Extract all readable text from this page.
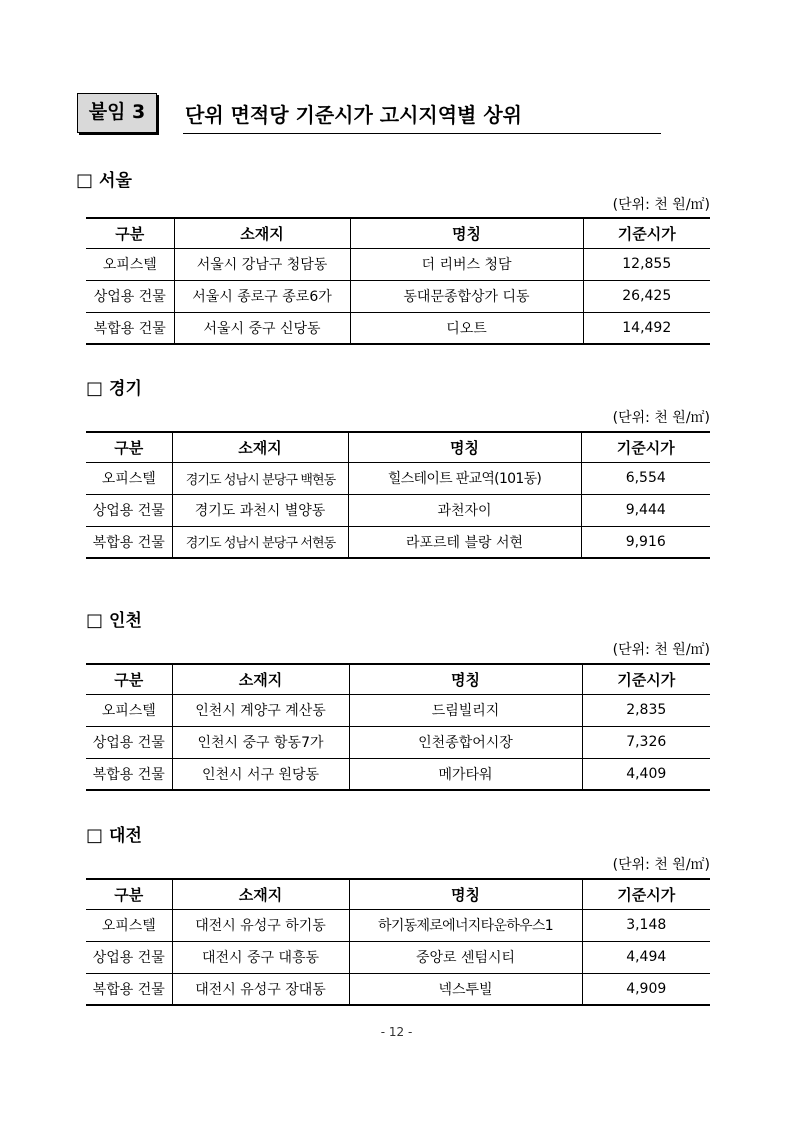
붙임 3	단위 면적당 기준시가 고시지역별 상위
□ 서울
(단위: 천 원/㎡)
구분	소재지	명칭	기준시가
오피스텔	서울시 강남구 청담동	더 리버스 청담	12,855
상업용 건물	서울시 종로구 종로6가	동대문종합상가 디동	26,425
복합용 건물	서울시 중구 신당동	디오트	14,492
□ 경기
(단위: 천 원/㎡)
구분	소재지	명칭	기준시가
오피스텔	경기도 성남시 분당구 백현동	힐스테이트 판교역(101동)	6,554
상업용 건물	경기도 과천시 별양동	과천자이	9,444
복합용 건물	경기도 성남시 분당구 서현동	라포르테 블랑 서현	9,916
□ 인천
(단위: 천 원/㎡)
구분	소재지	명칭	기준시가
오피스텔	인천시 계양구 계산동	드림빌리지	2,835
상업용 건물	인천시 중구 항동7가	인천종합어시장	7,326
복합용 건물	인천시 서구 원당동	메가타워	4,409
□ 대전
(단위: 천 원/㎡)
구분	소재지	명칭	기준시가
오피스텔	대전시 유성구 하기동	하기동제로에너지타운하우스1	3,148
상업용 건물	대전시 중구 대흥동	중앙로 센텀시티	4,494
복합용 건물	대전시 유성구 장대동	넥스투빌	4,909
- 12 -
